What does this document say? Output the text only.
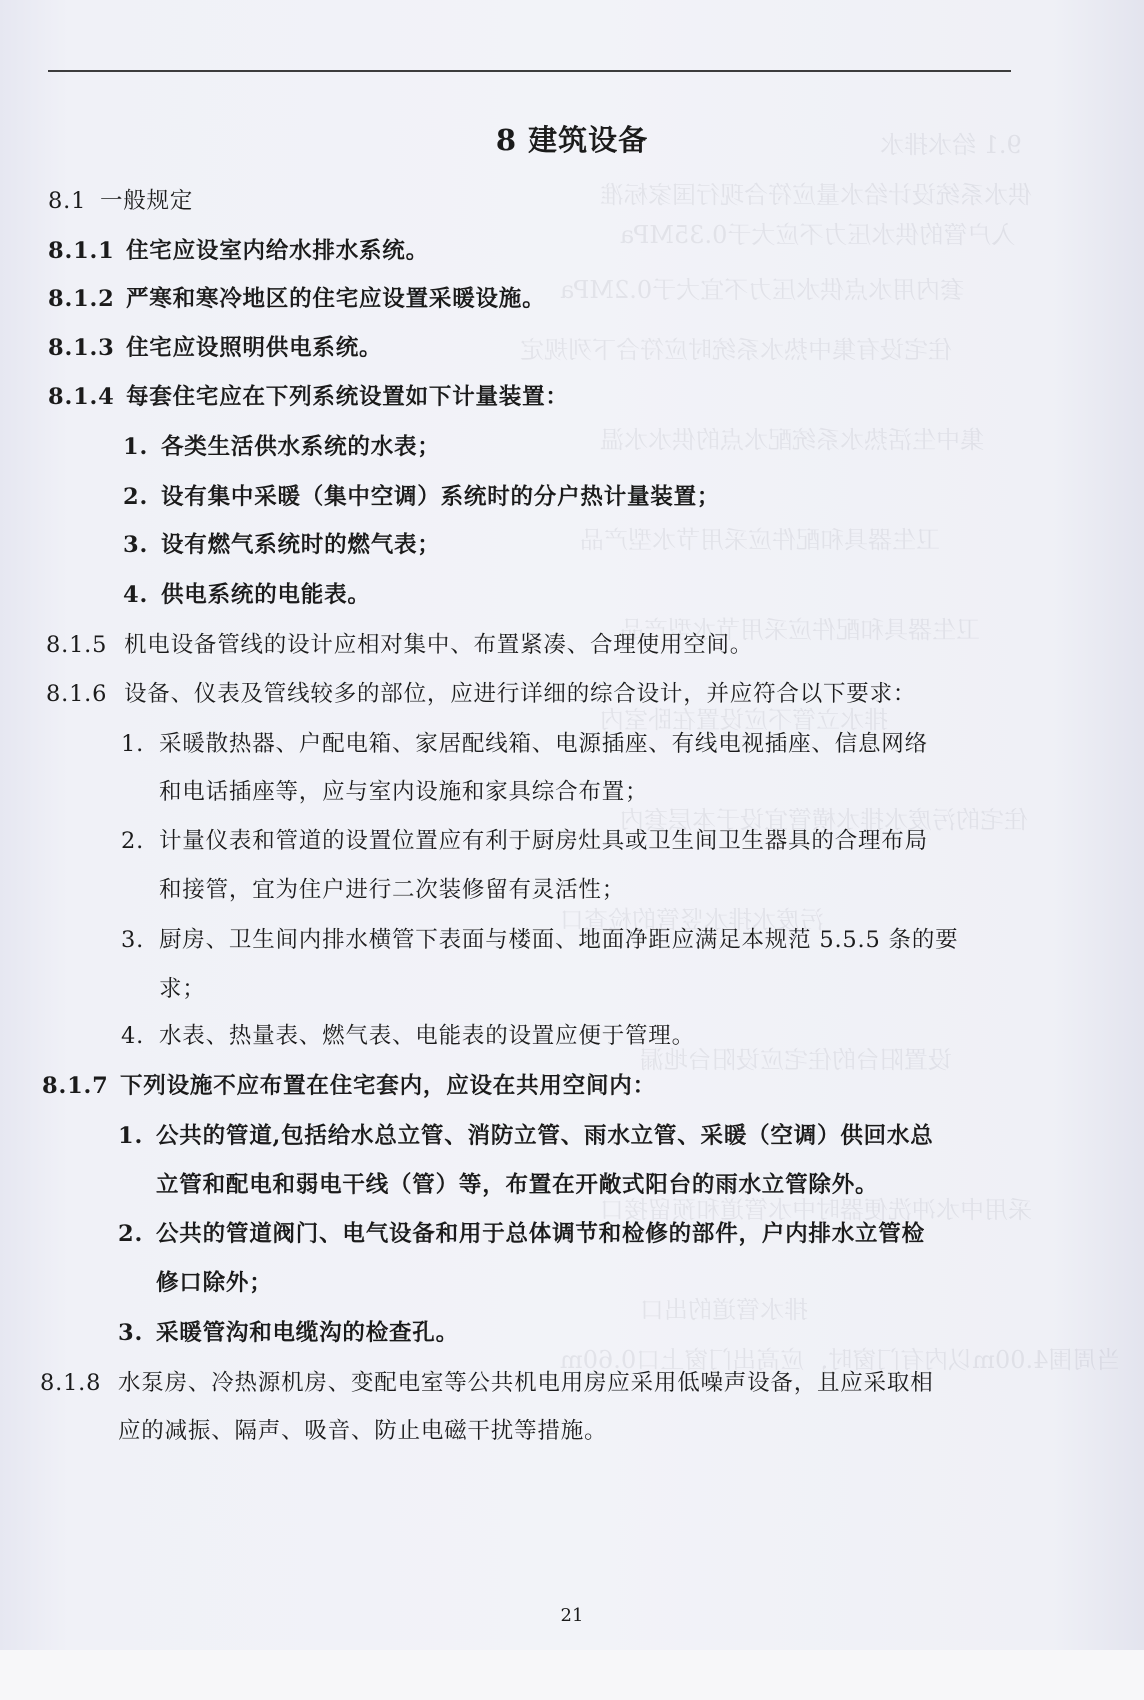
9.1 给水排水
供水系统设计给水量应符合现行国家标准
入户管的供水压力不应大于0.35MPa
套内用水点供水压力不宜大于0.2MPa
住宅设有集中热水系统时应符合下列规定
集中生活热水系统配水点的供水水温
卫生器具和配件应采用节水型产品
卫生器具和配件应采用节水型产品
排水立管不应设置在卧室内
住宅的污废水排水横管宜设于本层套内
污废水排水竖管的检查口
设置阳台的住宅应设阳台地漏
采用中水冲洗便器时中水管道和预留接口
排水管道的出口
当周围4.00m以内有门窗时，应高出门窗上口0.60m
8 建筑设备
8.1 一般规定
8.1.1 住宅应设室内给水排水系统。
8.1.2 严寒和寒冷地区的住宅应设置采暖设施。
8.1.3 住宅应设照明供电系统。
8.1.4 每套住宅应在下列系统设置如下计量装置：
1. 各类生活供水系统的水表；
2. 设有集中采暖（集中空调）系统时的分户热计量装置；
3. 设有燃气系统时的燃气表；
4. 供电系统的电能表。
8.1.5 机电设备管线的设计应相对集中、布置紧凑、合理使用空间。
8.1.6 设备、仪表及管线较多的部位，应进行详细的综合设计，并应符合以下要求：
1. 采暖散热器、户配电箱、家居配线箱、电源插座、有线电视插座、信息网络
和电话插座等，应与室内设施和家具综合布置；
2. 计量仪表和管道的设置位置应有利于厨房灶具或卫生间卫生器具的合理布局
和接管，宜为住户进行二次装修留有灵活性；
3. 厨房、卫生间内排水横管下表面与楼面、地面净距应满足本规范 5.5.5 条的要
求；
4. 水表、热量表、燃气表、电能表的设置应便于管理。
8.1.7 下列设施不应布置在住宅套内，应设在共用空间内：
1. 公共的管道,包括给水总立管、消防立管、雨水立管、采暖（空调）供回水总
立管和配电和弱电干线（管）等，布置在开敞式阳台的雨水立管除外。
2. 公共的管道阀门、电气设备和用于总体调节和检修的部件，户内排水立管检
修口除外；
3. 采暖管沟和电缆沟的检查孔。
8.1.8 水泵房、冷热源机房、变配电室等公共机电用房应采用低噪声设备，且应采取相
应的减振、隔声、吸音、防止电磁干扰等措施。
21
